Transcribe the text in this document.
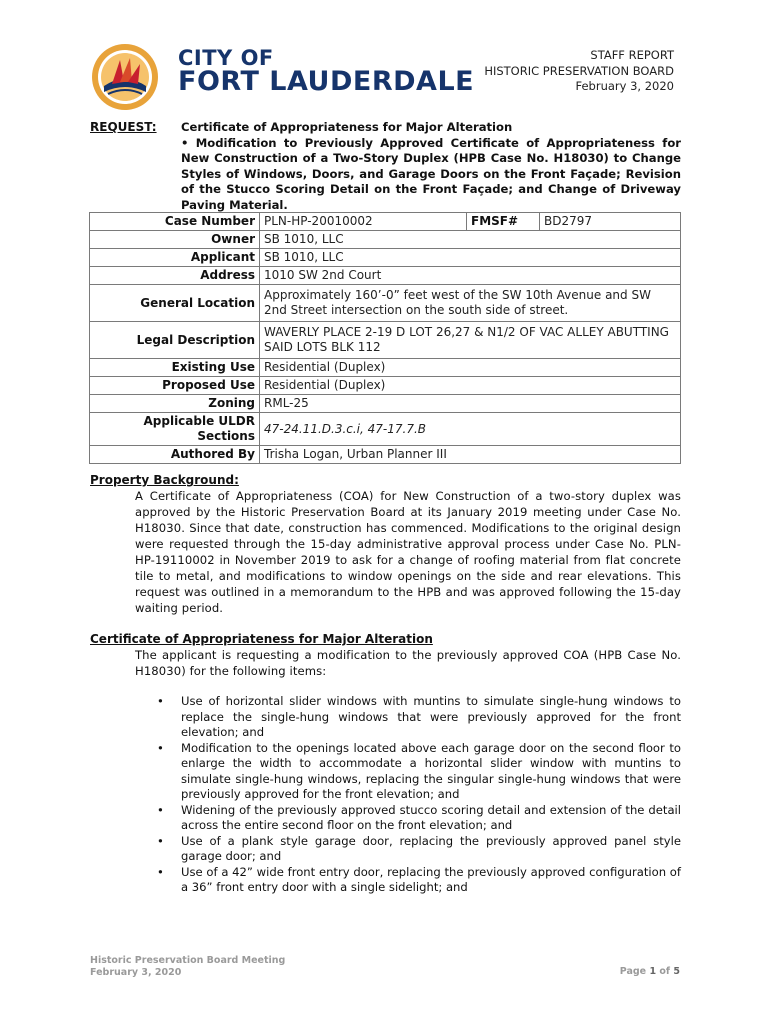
CITY OF
FORT LAUDERDALE
STAFF REPORT
HISTORIC PRESERVATION BOARD
February 3, 2020
REQUEST: Certificate of Appropriateness for Major Alteration
• Modification to Previously Approved Certificate of Appropriateness for New Construction of a Two-Story Duplex (HPB Case No. H18030) to Change Styles of Windows, Doors, and Garage Doors on the Front Façade; Revision of the Stucco Scoring Detail on the Front Façade; and Change of Driveway Paving Material.
Case Number	PLN-HP-20010002	FMSF#	BD2797
Owner	SB 1010, LLC		
Applicant	SB 1010, LLC		
Address	1010 SW 2nd Court		
General Location	Approximately 160’-0” feet west of the SW 10th Avenue and SW 2nd Street intersection on the south side of street.		
Legal Description	WAVERLY PLACE 2-19 D LOT 26,27 & N1/2 OF VAC ALLEY ABUTTING SAID LOTS BLK 112		
Existing Use	Residential (Duplex)		
Proposed Use	Residential (Duplex)		
Zoning	RML-25		
Applicable ULDR Sections	47-24.11.D.3.c.i, 47-17.7.B		
Authored By	Trisha Logan, Urban Planner III		
Property Background:
A Certificate of Appropriateness (COA) for New Construction of a two-story duplex was approved by the Historic Preservation Board at its January 2019 meeting under Case No. H18030. Since that date, construction has commenced. Modifications to the original design were requested through the 15-day administrative approval process under Case No. PLN-HP-19110002 in November 2019 to ask for a change of roofing material from flat concrete tile to metal, and modifications to window openings on the side and rear elevations. This request was outlined in a memorandum to the HPB and was approved following the 15-day waiting period.
Certificate of Appropriateness for Major Alteration
The applicant is requesting a modification to the previously approved COA (HPB Case No. H18030) for the following items:
• Use of horizontal slider windows with muntins to simulate single-hung windows to replace the single-hung windows that were previously approved for the front elevation; and
• Modification to the openings located above each garage door on the second floor to enlarge the width to accommodate a horizontal slider window with muntins to simulate single-hung windows, replacing the singular single-hung windows that were previously approved for the front elevation; and
• Widening of the previously approved stucco scoring detail and extension of the detail across the entire second floor on the front elevation; and
• Use of a plank style garage door, replacing the previously approved panel style garage door; and
• Use of a 42” wide front entry door, replacing the previously approved configuration of a 36” front entry door with a single sidelight; and
Historic Preservation Board Meeting
February 3, 2020	Page 1 of 5
